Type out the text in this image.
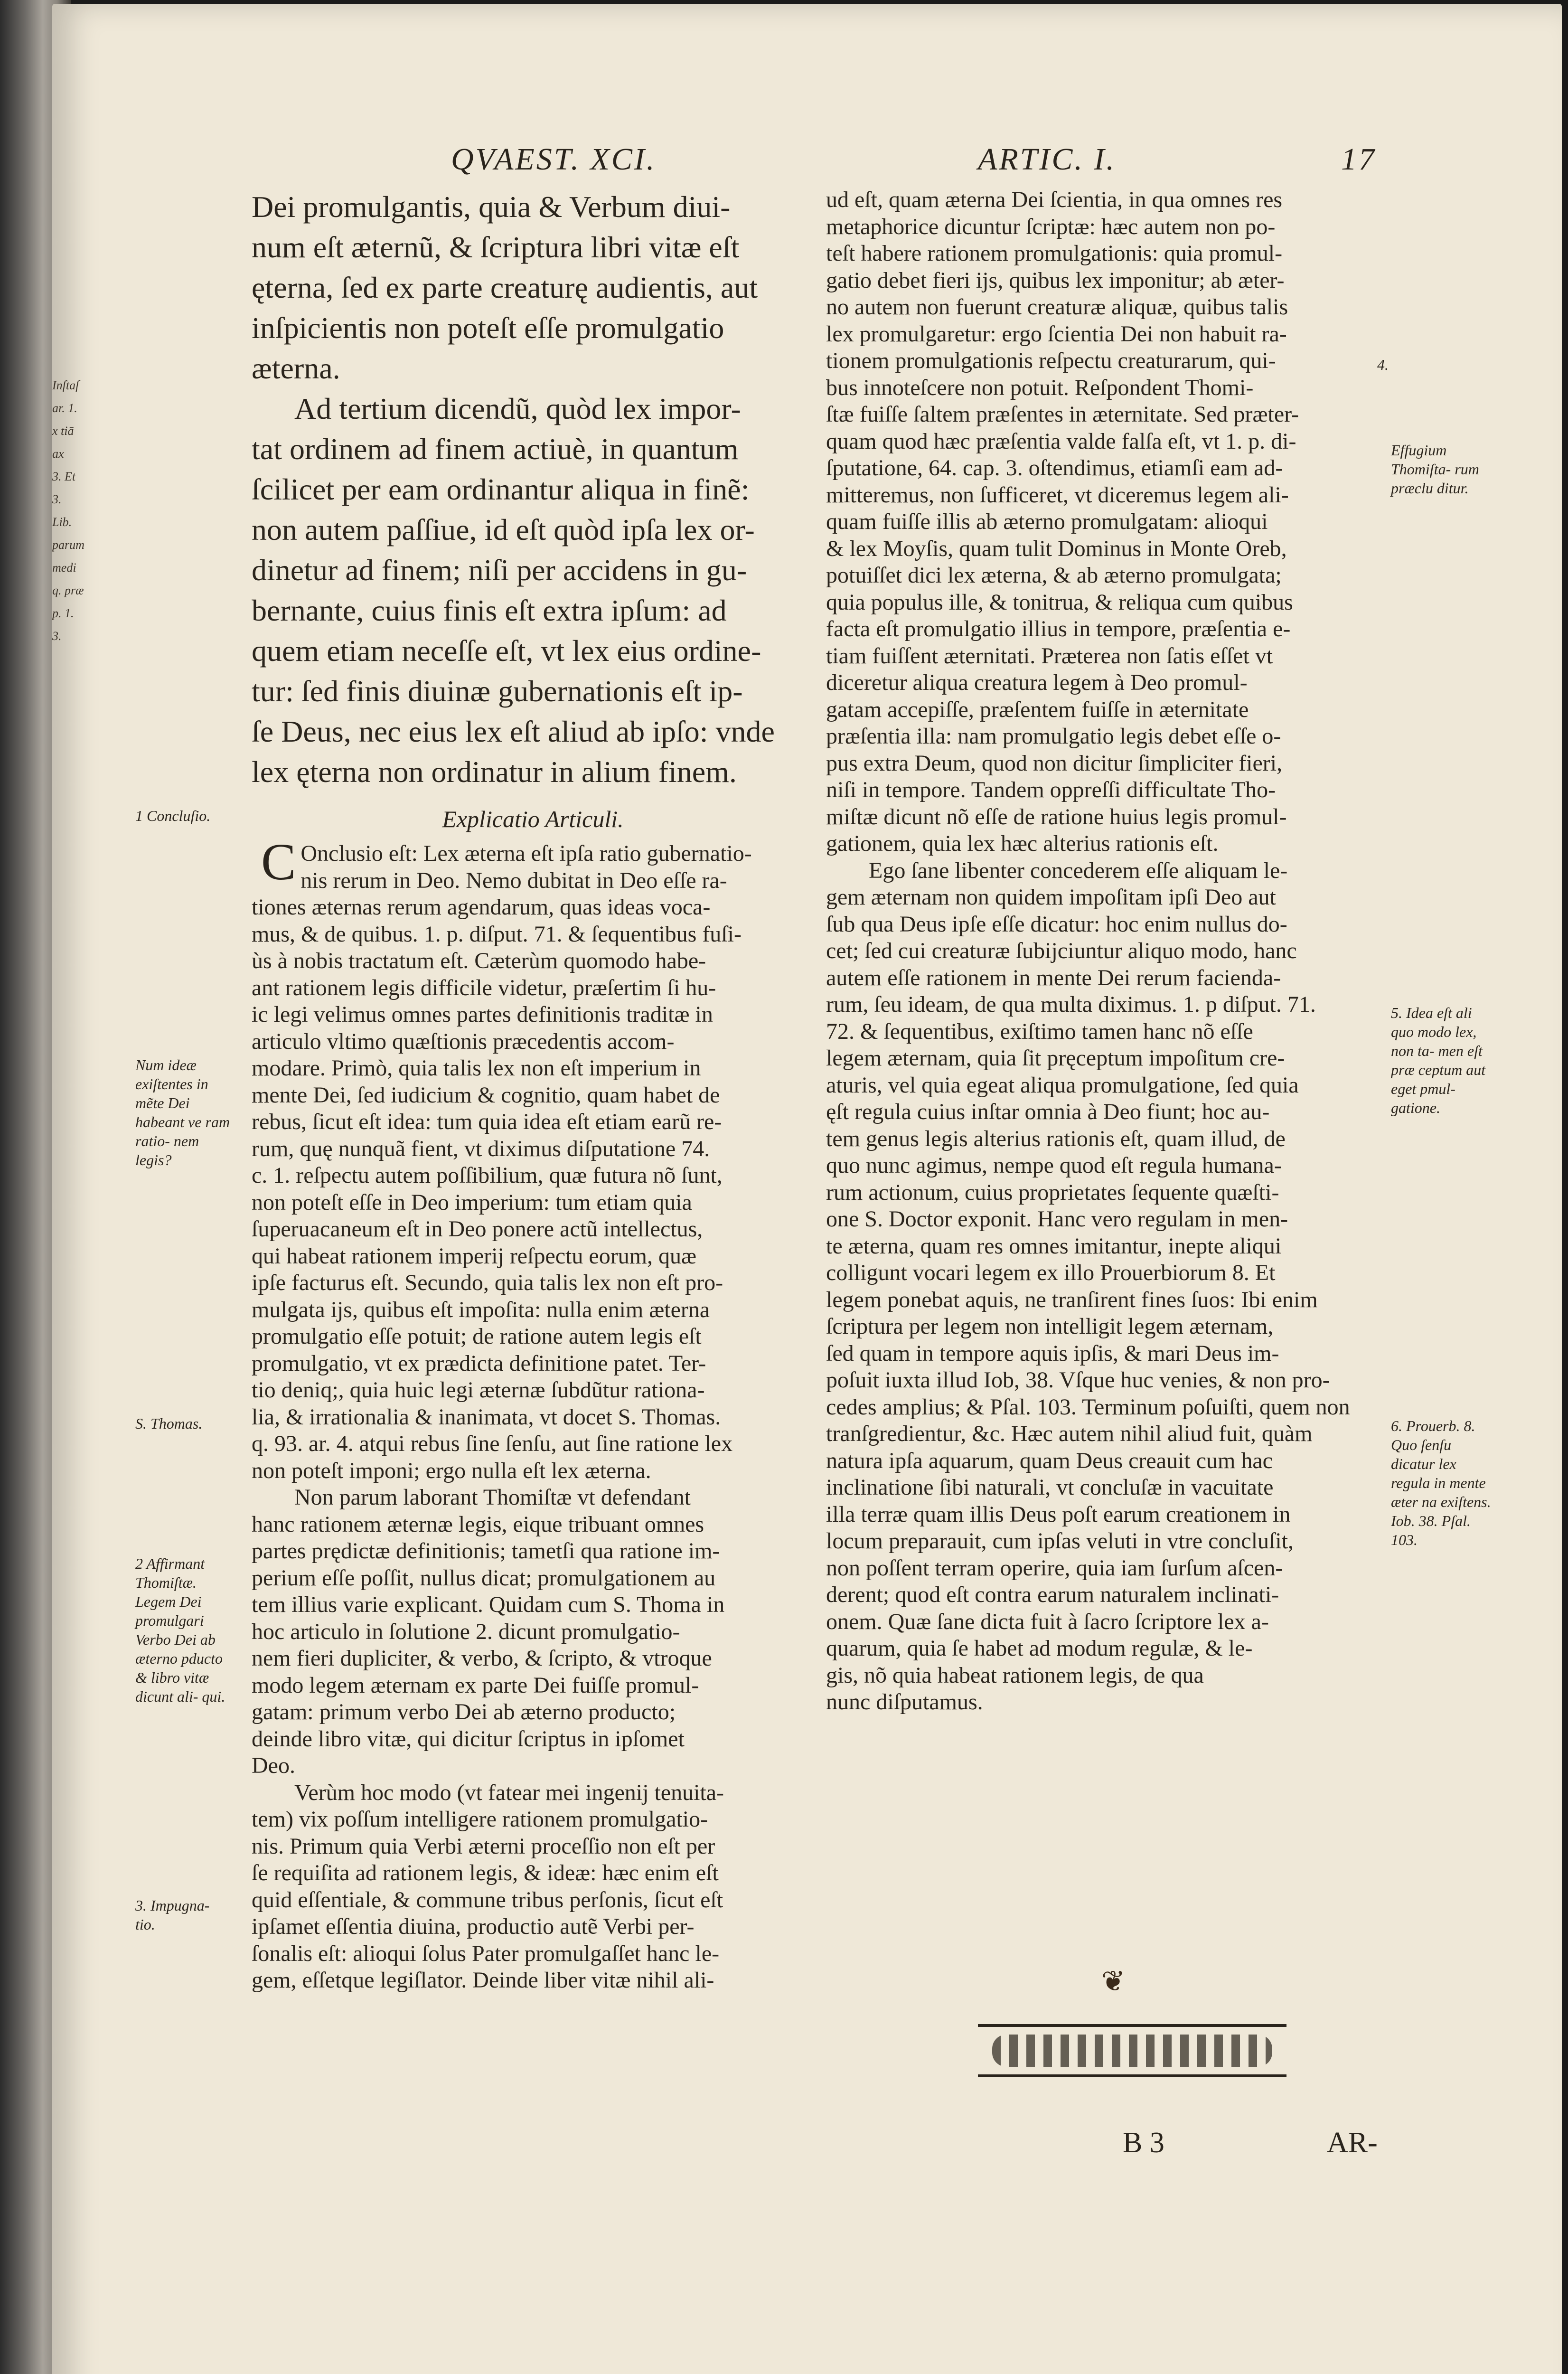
Inſtaſ
ar. 1.
x tiā
ax
3. Et
3.
Lib.
parum
medi
q. præ
p. 1.
3.
QVAEST. XCI.	ARTIC. I.	17
Dei promulgantis, quia & Verbum diui-
num eſt æternũ, & ſcriptura libri vitæ eſt
ęterna, ſed ex parte creaturę audientis, aut
inſpicientis non poteſt eſſe promulgatio
æterna.
Ad tertium dicendũ, quòd lex impor-
tat ordinem ad finem actiuè, in quantum
ſcilicet per eam ordinantur aliqua in finẽ:
non autem paſſiue, id eſt quòd ipſa lex or-
dinetur ad finem; niſi per accidens in gu-
bernante, cuius finis eſt extra ipſum: ad
quem etiam neceſſe eſt, vt lex eius ordine-
tur: ſed finis diuinæ gubernationis eſt ip-
ſe Deus, nec eius lex eſt aliud ab ipſo: vnde
lex ęterna non ordinatur in alium finem.
Explicatio Articuli.
C Onclusio eſt: Lex æterna eſt ipſa ratio gubernatio-
nis rerum in Deo. Nemo dubitat in Deo eſſe ra-
tiones æternas rerum agendarum, quas ideas voca-
mus, & de quibus. 1. p. diſput. 71. & ſequentibus fuſi-
ùs à nobis tractatum eſt. Cæterùm quomodo habe-
ant rationem legis difficile videtur, præſertim ſi hu-
ic legi velimus omnes partes definitionis traditæ in
articulo vltimo quæſtionis præcedentis accom-
modare. Primò, quia talis lex non eſt imperium in
mente Dei, ſed iudicium & cognitio, quam habet de
rebus, ſicut eſt idea: tum quia idea eſt etiam earũ re-
rum, quę nunquã fient, vt diximus diſputatione 74.
c. 1. reſpectu autem poſſibilium, quæ futura nõ ſunt,
non poteſt eſſe in Deo imperium: tum etiam quia
ſuperuacaneum eſt in Deo ponere actũ intellectus,
qui habeat rationem imperij reſpectu eorum, quæ
ipſe facturus eſt. Secundo, quia talis lex non eſt pro-
mulgata ijs, quibus eſt impoſita: nulla enim æterna
promulgatio eſſe potuit; de ratione autem legis eſt
promulgatio, vt ex prædicta definitione patet. Ter-
tio deniq;, quia huic legi æternæ ſubdũtur rationa-
lia, & irrationalia & inanimata, vt docet S. Thomas.
q. 93. ar. 4. atqui rebus ſine ſenſu, aut ſine ratione lex
non poteſt imponi; ergo nulla eſt lex æterna.
Non parum laborant Thomiſtæ vt defendant
hanc rationem æternæ legis, eique tribuant omnes
partes prędictæ definitionis; tametſi qua ratione im-
perium eſſe poſſit, nullus dicat; promulgationem au
tem illius varie explicant. Quidam cum S. Thoma in
hoc articulo in ſolutione 2. dicunt promulgatio-
nem fieri dupliciter, & verbo, & ſcripto, & vtroque
modo legem æternam ex parte Dei fuiſſe promul-
gatam: primum verbo Dei ab æterno producto;
deinde libro vitæ, qui dicitur ſcriptus in ipſomet
Deo.
Verùm hoc modo (vt fatear mei ingenij tenuita-
tem) vix poſſum intelligere rationem promulgatio-
nis. Primum quia Verbi æterni proceſſio non eſt per
ſe requiſita ad rationem legis, & ideæ: hæc enim eſt
quid eſſentiale, & commune tribus perſonis, ſicut eſt
ipſamet eſſentia diuina, productio autẽ Verbi per-
ſonalis eſt: alioqui ſolus Pater promulgaſſet hanc le-
gem, eſſetque legiſlator. Deinde liber vitæ nihil ali-
ud eſt, quam æterna Dei ſcientia, in qua omnes res
metaphorice dicuntur ſcriptæ: hæc autem non po-
teſt habere rationem promulgationis: quia promul-
gatio debet fieri ijs, quibus lex imponitur; ab æter-
no autem non fuerunt creaturæ aliquæ, quibus talis
lex promulgaretur: ergo ſcientia Dei non habuit ra-
tionem promulgationis reſpectu creaturarum, qui-
bus innoteſcere non potuit. Reſpondent Thomi-
ſtæ fuiſſe ſaltem præſentes in æternitate. Sed præter-
quam quod hæc præſentia valde falſa eſt, vt 1. p. di-
ſputatione, 64. cap. 3. oſtendimus, etiamſi eam ad-
mitteremus, non ſufficeret, vt diceremus legem ali-
quam fuiſſe illis ab æterno promulgatam: alioqui
& lex Moyſis, quam tulit Dominus in Monte Oreb,
potuiſſet dici lex æterna, & ab æterno promulgata;
quia populus ille, & tonitrua, & reliqua cum quibus
facta eſt promulgatio illius in tempore, præſentia e-
tiam fuiſſent æternitati. Præterea non ſatis eſſet vt
diceretur aliqua creatura legem à Deo promul-
gatam accepiſſe, præſentem fuiſſe in æternitate
præſentia illa: nam promulgatio legis debet eſſe o-
pus extra Deum, quod non dicitur ſimpliciter fieri,
niſi in tempore. Tandem oppreſſi difficultate Tho-
miſtæ dicunt nõ eſſe de ratione huius legis promul-
gationem, quia lex hæc alterius rationis eſt.
Ego ſane libenter concederem eſſe aliquam le-
gem æternam non quidem impoſitam ipſi Deo aut
ſub qua Deus ipſe eſſe dicatur: hoc enim nullus do-
cet; ſed cui creaturæ ſubijciuntur aliquo modo, hanc
autem eſſe rationem in mente Dei rerum facienda-
rum, ſeu ideam, de qua multa diximus. 1. p diſput. 71.
72. & ſequentibus, exiſtimo tamen hanc nõ eſſe
legem æternam, quia ſit pręceptum impoſitum cre-
aturis, vel quia egeat aliqua promulgatione, ſed quia
ęſt regula cuius inſtar omnia à Deo fiunt; hoc au-
tem genus legis alterius rationis eſt, quam illud, de
quo nunc agimus, nempe quod eſt regula humana-
rum actionum, cuius proprietates ſequente quæſti-
one S. Doctor exponit. Hanc vero regulam in men-
te æterna, quam res omnes imitantur, inepte aliqui
colligunt vocari legem ex illo Prouerbiorum 8. Et
legem ponebat aquis, ne tranſirent fines ſuos: Ibi enim
ſcriptura per legem non intelligit legem æternam,
ſed quam in tempore aquis ipſis, & mari Deus im-
poſuit iuxta illud Iob, 38. Vſque huc venies, & non pro-
cedes amplius; & Pſal. 103. Terminum poſuiſti, quem non
tranſgredientur, &c. Hæc autem nihil aliud fuit, quàm
natura ipſa aquarum, quam Deus creauit cum hac
inclinatione ſibi naturali, vt concluſæ in vacuitate
illa terræ quam illis Deus poſt earum creationem in
locum preparauit, cum ipſas veluti in vtre concluſit,
non poſſent terram operire, quia iam ſurſum aſcen-
derent; quod eſt contra earum naturalem inclinati-
onem. Quæ ſane dicta fuit à ſacro ſcriptore lex a-
quarum, quia ſe habet ad modum regulæ, & le-
gis, nõ quia habeat rationem legis, de qua
nunc diſputamus.
1 Concluſio.
Num ideæ exiſtentes in mẽte Dei habeant ve ram ratio- nem legis?
S. Thomas.
2 Affirmant Thomiſtæ. Legem Dei promulgari Verbo Dei ab æterno pducto & libro vitæ dicunt ali- qui.
3. Impugna- tio.
4.
Effugium Thomiſta- rum præclu ditur.
5. Idea eſt ali quo modo lex, non ta- men eſt præ ceptum aut eget pmul- gatione.
6. Prouerb. 8. Quo ſenſu dicatur lex regula in mente æter na exiſtens. Iob. 38. Pſal. 103.
❦
B 3	AR-
